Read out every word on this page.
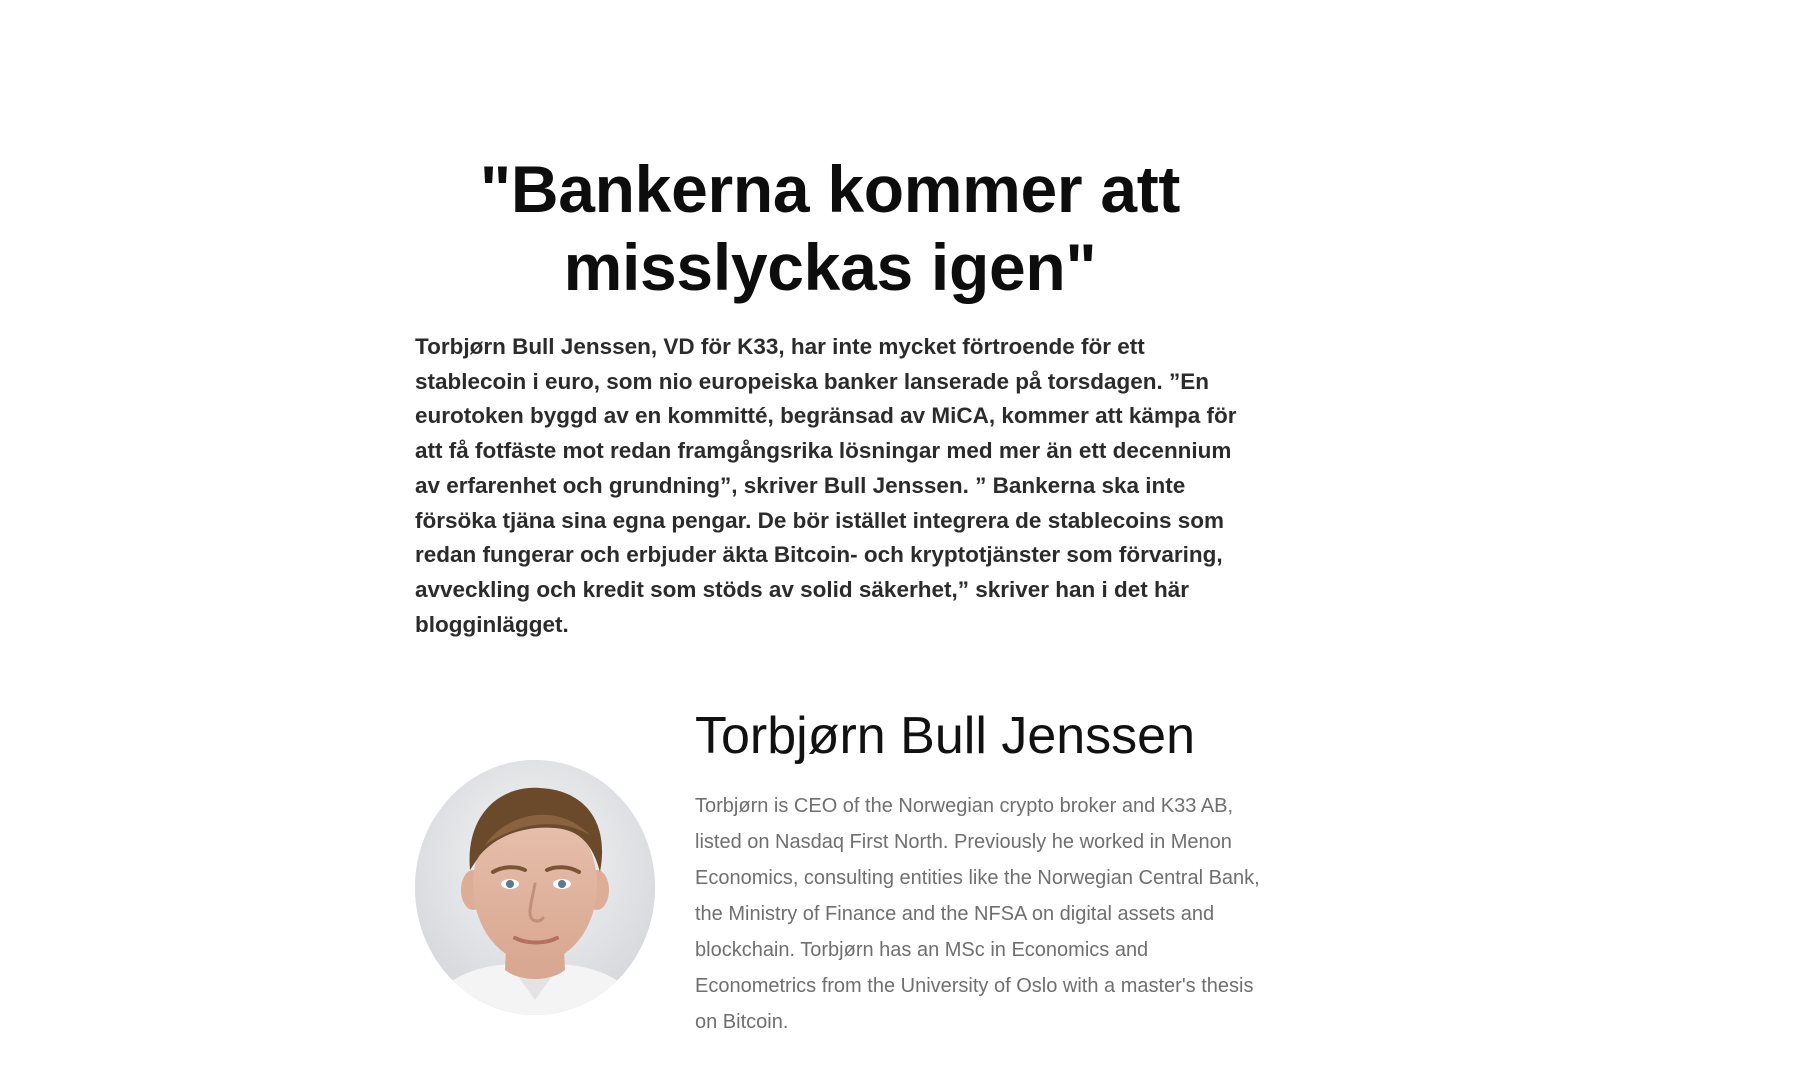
"Bankerna kommer att misslyckas igen"

Torbjørn Bull Jenssen, VD för K33, har inte mycket förtroende för ett stablecoin i euro, som nio europeiska banker lanserade på torsdagen. ”En eurotoken byggd av en kommitté, begränsad av MiCA, kommer att kämpa för att få fotfäste mot redan framgångsrika lösningar med mer än ett decennium av erfarenhet och grundning”, skriver Bull Jenssen. ” Bankerna ska inte försöka tjäna sina egna pengar. De bör istället integrera de stablecoins som redan fungerar och erbjuder äkta Bitcoin- och kryptotjänster som förvaring, avveckling och kredit som stöds av solid säkerhet,” skriver han i det här blogginlägget.

Torbjørn Bull Jenssen

Torbjørn is CEO of the Norwegian crypto broker and K33 AB, listed on Nasdaq First North. Previously he worked in Menon Economics, consulting entities like the Norwegian Central Bank, the Ministry of Finance and the NFSA on digital assets and blockchain. Torbjørn has an MSc in Economics and Econometrics from the University of Oslo with a master's thesis on Bitcoin.
